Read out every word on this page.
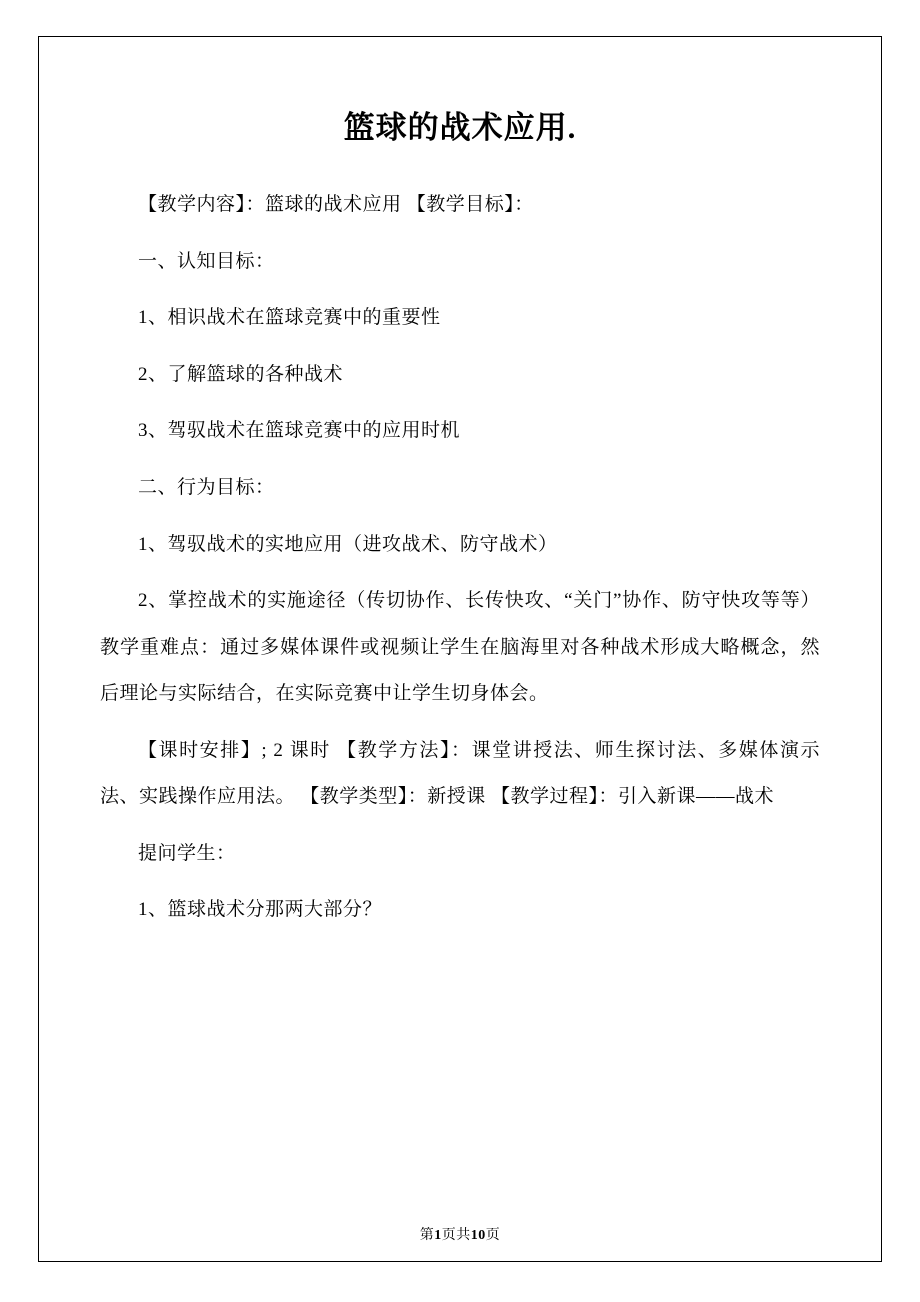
篮球的战术应用.

【教学内容】：篮球的战术应用 【教学目标】：

一、认知目标：

1、相识战术在篮球竞赛中的重要性

2、了解篮球的各种战术

3、驾驭战术在篮球竞赛中的应用时机

二、行为目标：

1、驾驭战术的实地应用（进攻战术、防守战术）

2、掌控战术的实施途径（传切协作、长传快攻、“关门”协作、防守快攻等等） 教学重难点：通过多媒体课件或视频让学生在脑海里对各种战术形成大略概念，然后理论与实际结合，在实际竞赛中让学生切身体会。

【课时安排】; 2 课时 【教学方法】：课堂讲授法、师生探讨法、多媒体演示法、实践操作应用法。 【教学类型】：新授课 【教学过程】：引入新课——战术

提问学生：

1、篮球战术分那两大部分？

第1页共10页
